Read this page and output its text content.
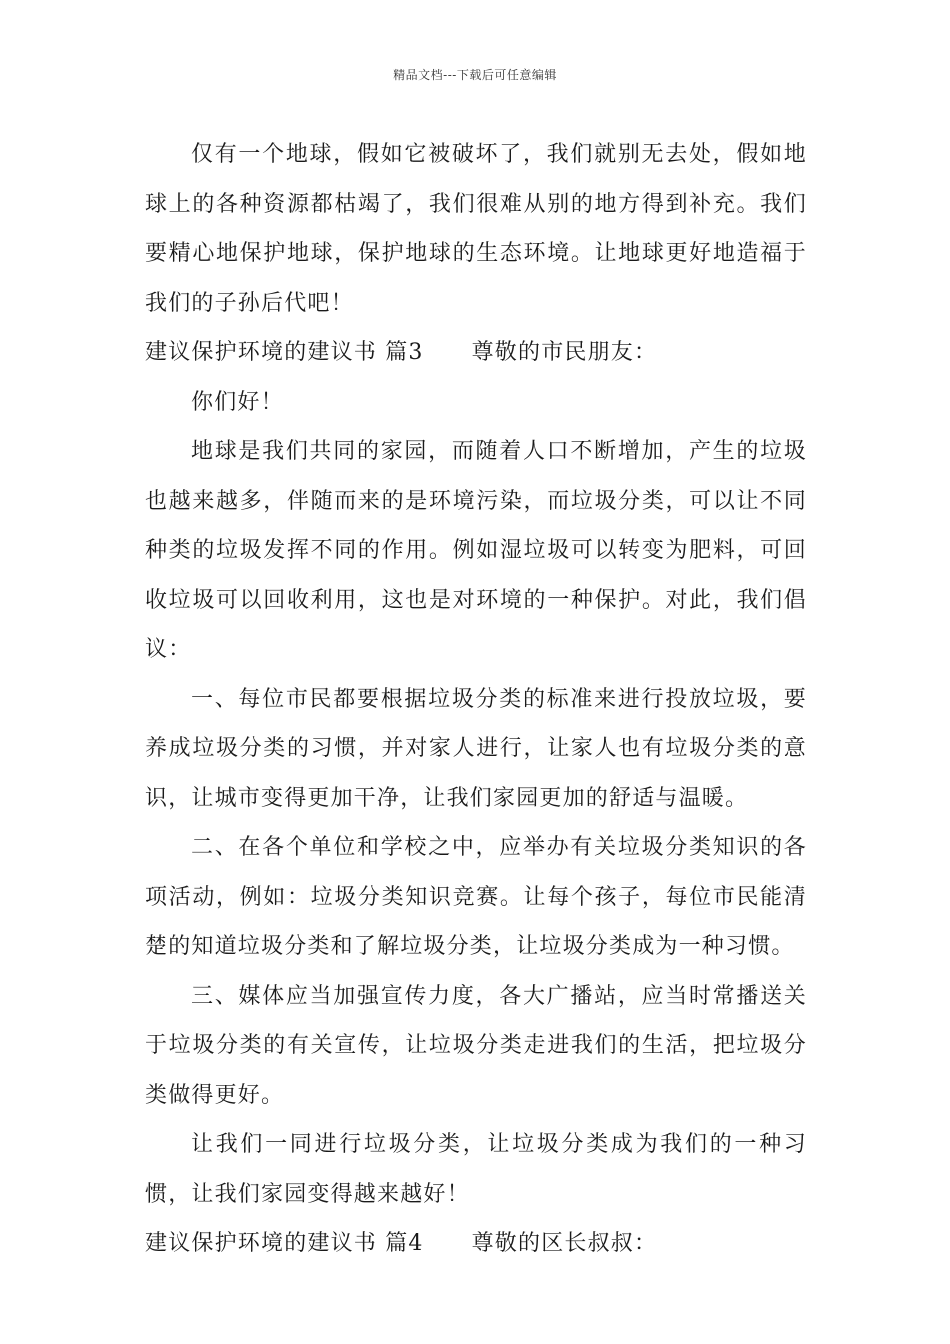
精品文档---下载后可任意编辑

仅有一个地球，假如它被破坏了，我们就别无去处，假如地球上的各种资源都枯竭了，我们很难从别的地方得到补充。我们要精心地保护地球，保护地球的生态环境。让地球更好地造福于我们的子孙后代吧！

建议保护环境的建议书 篇3 尊敬的市民朋友：

你们好！

地球是我们共同的家园，而随着人口不断增加，产生的垃圾也越来越多，伴随而来的是环境污染，而垃圾分类，可以让不同种类的垃圾发挥不同的作用。例如湿垃圾可以转变为肥料，可回收垃圾可以回收利用，这也是对环境的一种保护。对此，我们倡议：

一、每位市民都要根据垃圾分类的标准来进行投放垃圾，要养成垃圾分类的习惯，并对家人进行，让家人也有垃圾分类的意识，让城市变得更加干净，让我们家园更加的舒适与温暖。

二、在各个单位和学校之中，应举办有关垃圾分类知识的各项活动，例如：垃圾分类知识竞赛。让每个孩子，每位市民能清楚的知道垃圾分类和了解垃圾分类，让垃圾分类成为一种习惯。

三、媒体应当加强宣传力度，各大广播站，应当时常播送关于垃圾分类的有关宣传，让垃圾分类走进我们的生活，把垃圾分类做得更好。

让我们一同进行垃圾分类，让垃圾分类成为我们的一种习惯，让我们家园变得越来越好！

建议保护环境的建议书 篇4 尊敬的区长叔叔：
